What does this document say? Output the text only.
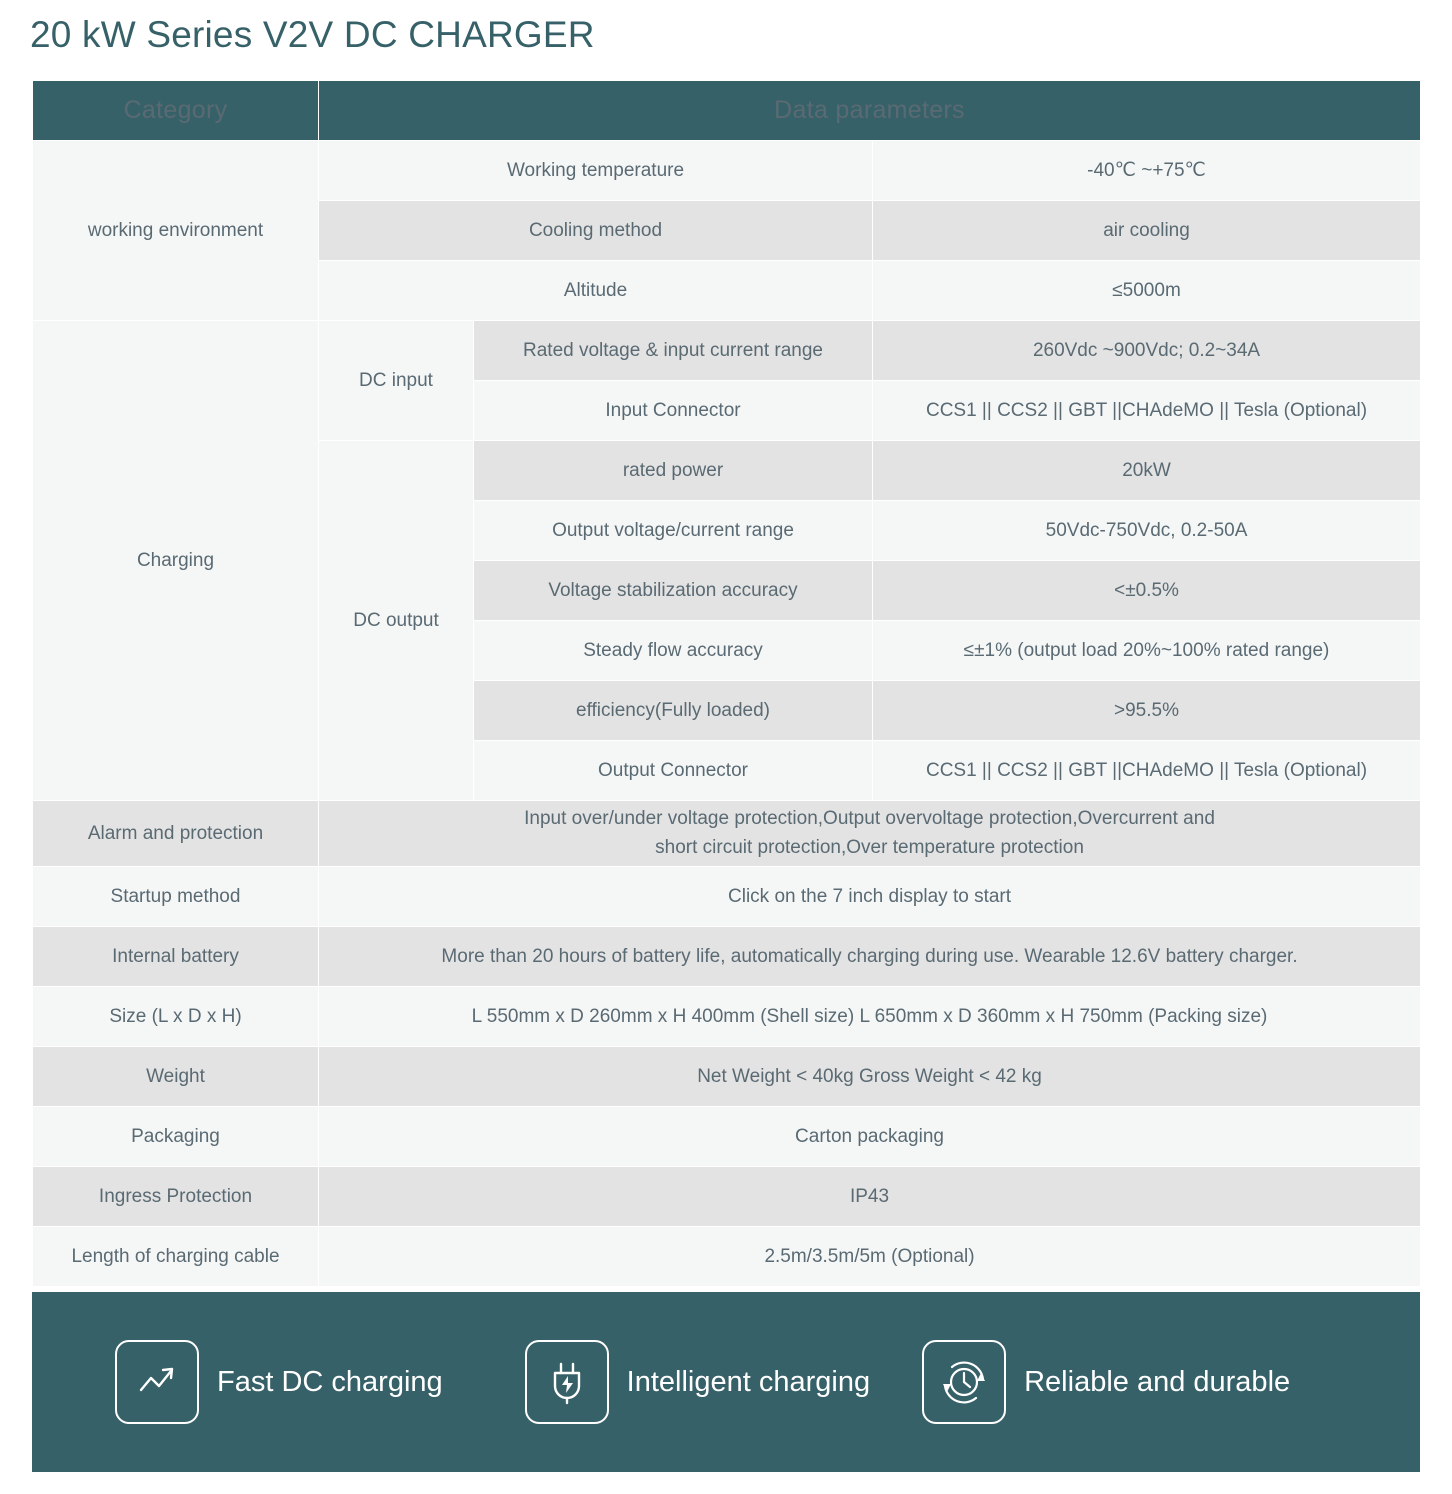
20 kW Series V2V DC CHARGER
Category	Data parameters		
working environment	Working temperature		-40℃ ~+75℃
	Cooling method		air cooling
	Altitude		≤5000m
Charging	DC input	Rated voltage & input current range	260Vdc ~900Vdc; 0.2~34A
		Input Connector	CCS1 || CCS2 || GBT ||CHAdeMO || Tesla (Optional)
	DC output	rated power	20kW
		Output voltage/current range	50Vdc-750Vdc, 0.2-50A
		Voltage stabilization accuracy	<±0.5%
		Steady flow accuracy	≤±1% (output load 20%~100% rated range)
		efficiency(Fully loaded)	>95.5%
		Output Connector	CCS1 || CCS2 || GBT ||CHAdeMO || Tesla (Optional)
Alarm and protection	Input over/under voltage protection,Output overvoltage protection,Overcurrent and
short circuit protection,Over temperature protection		
Startup method	Click on the 7 inch display to start		
Internal battery	More than 20 hours of battery life, automatically charging during use. Wearable 12.6V battery charger.		
Size (L x D x H)	L 550mm x D 260mm x H 400mm (Shell size) L 650mm x D 360mm x H 750mm (Packing size)		
Weight	Net Weight < 40kg Gross Weight < 42 kg		
Packaging	Carton packaging		
Ingress Protection	IP43		
Length of charging cable	2.5m/3.5m/5m (Optional)		
Fast DC charging	Intelligent charging	Reliable and durable
